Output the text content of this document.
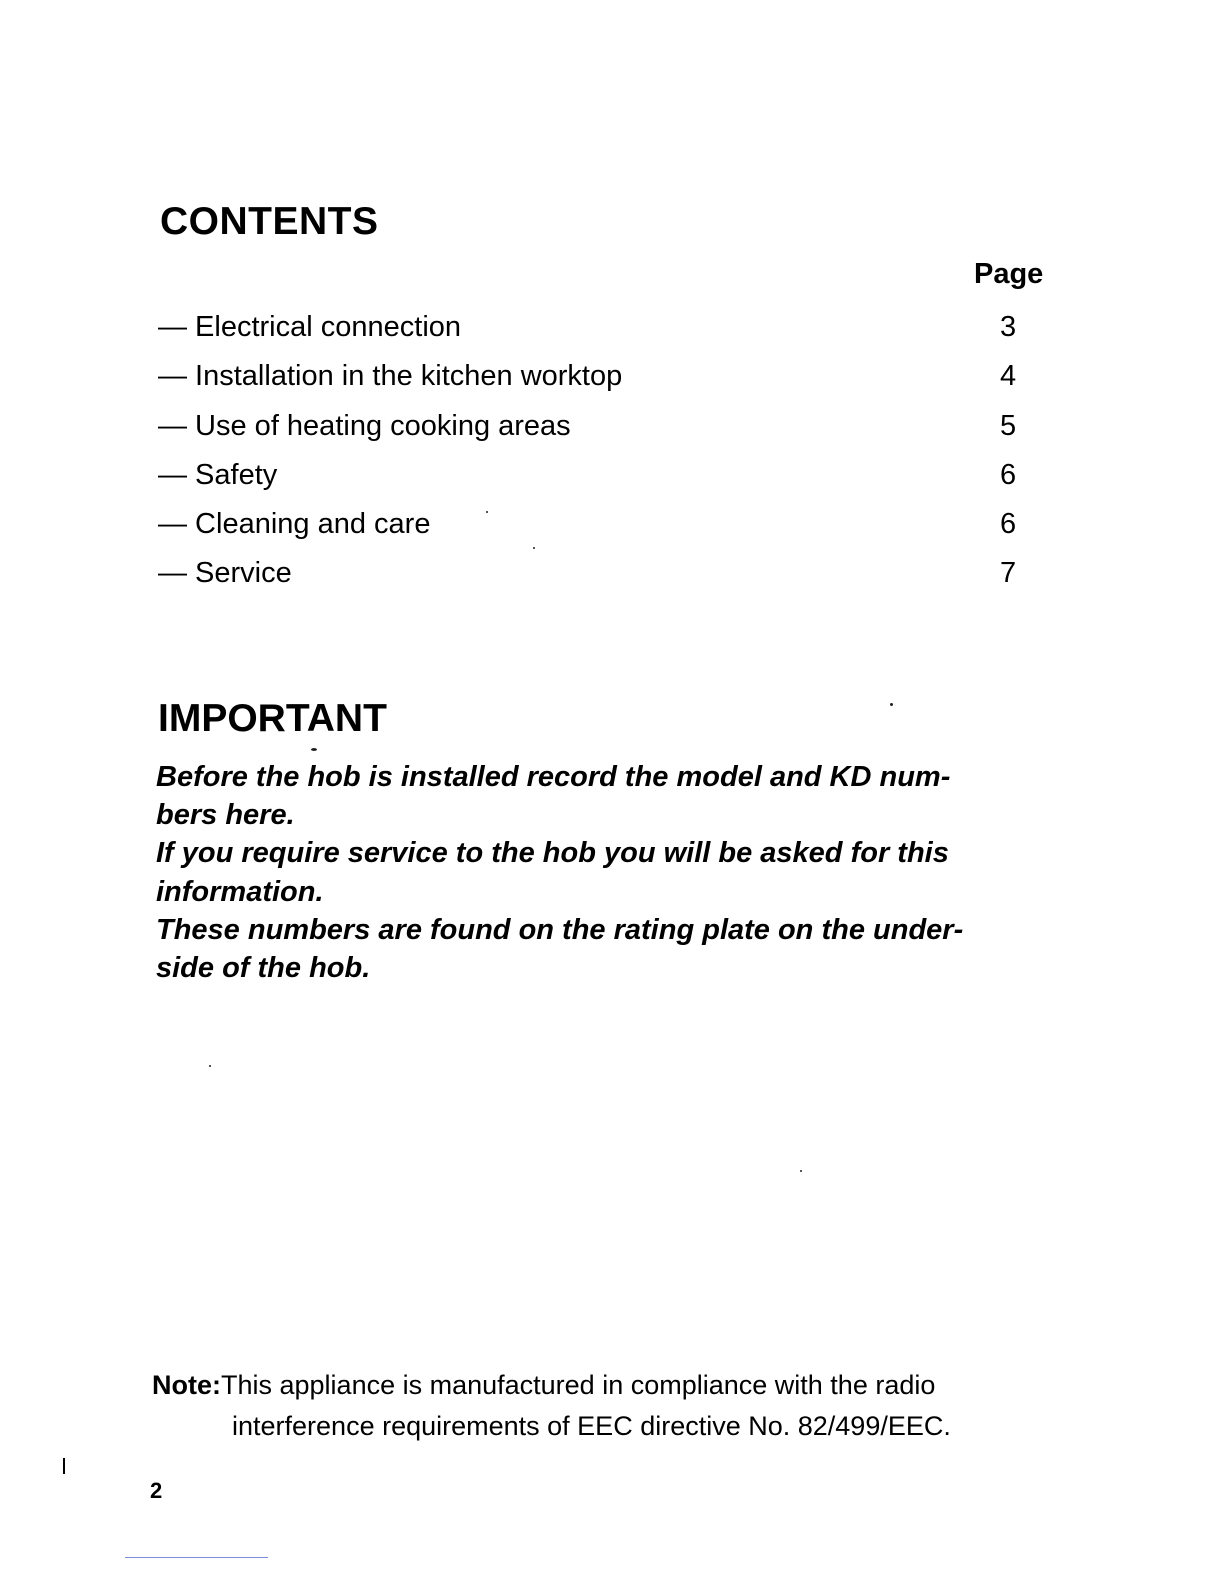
CONTENTS
Page
— Electrical connection	3
— Installation in the kitchen worktop	4
— Use of heating cooking areas	5
— Safety	6
— Cleaning and care	6
— Service	7
IMPORTANT

Before the hob is installed record the model and KD num-

bers here.

If you require service to the hob you will be asked for this

information.

These numbers are found on the rating plate on the under-

side of the hob.

Note:This appliance is manufactured in compliance with the radio
interference requirements of EEC directive No. 82/499/EEC.
2
